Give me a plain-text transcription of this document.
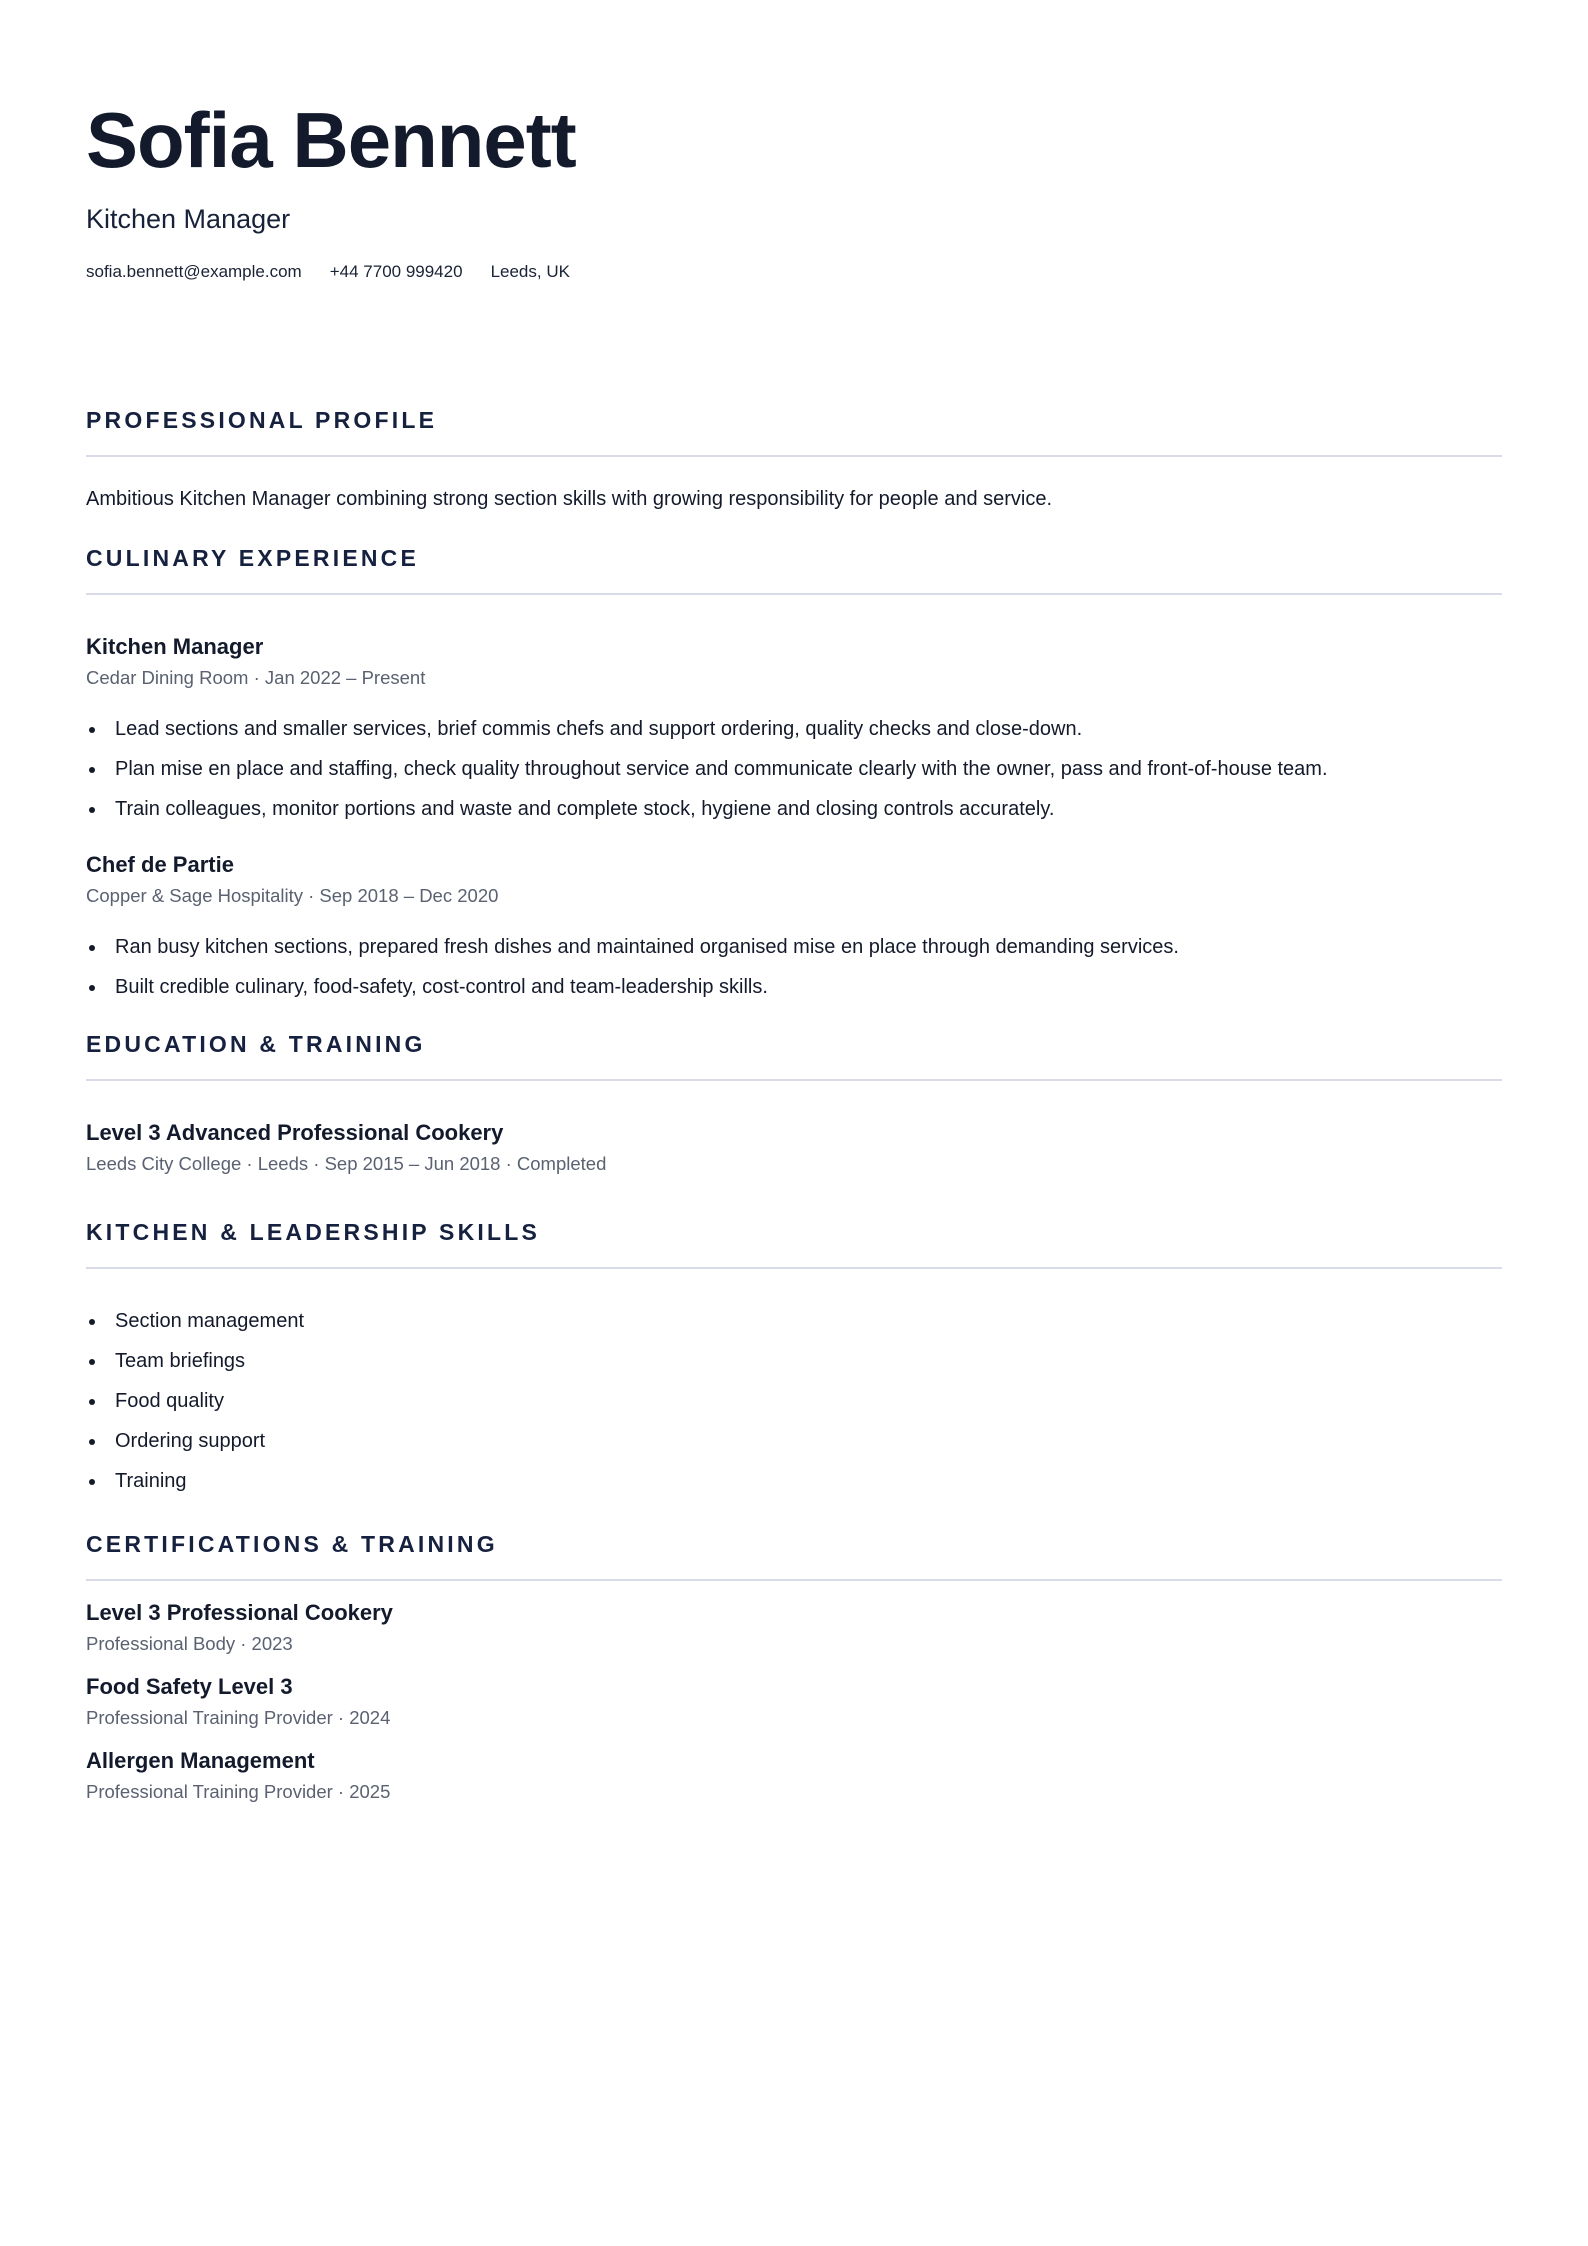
Sofia Bennett
Kitchen Manager
sofia.bennett@example.com +44 7700 999420 Leeds, UK
PROFESSIONAL PROFILE
Ambitious Kitchen Manager combining strong section skills with growing responsibility for people and service.
CULINARY EXPERIENCE
Kitchen Manager
Cedar Dining Room · Jan 2022 – Present
Lead sections and smaller services, brief commis chefs and support ordering, quality checks and close-down.
Plan mise en place and staffing, check quality throughout service and communicate clearly with the owner, pass and front-of-house team.
Train colleagues, monitor portions and waste and complete stock, hygiene and closing controls accurately.
Chef de Partie
Copper & Sage Hospitality · Sep 2018 – Dec 2020
Ran busy kitchen sections, prepared fresh dishes and maintained organised mise en place through demanding services.
Built credible culinary, food-safety, cost-control and team-leadership skills.
EDUCATION & TRAINING
Level 3 Advanced Professional Cookery
Leeds City College · Leeds · Sep 2015 – Jun 2018 · Completed
KITCHEN & LEADERSHIP SKILLS
Section management
Team briefings
Food quality
Ordering support
Training
CERTIFICATIONS & TRAINING
Level 3 Professional Cookery
Professional Body · 2023
Food Safety Level 3
Professional Training Provider · 2024
Allergen Management
Professional Training Provider · 2025
